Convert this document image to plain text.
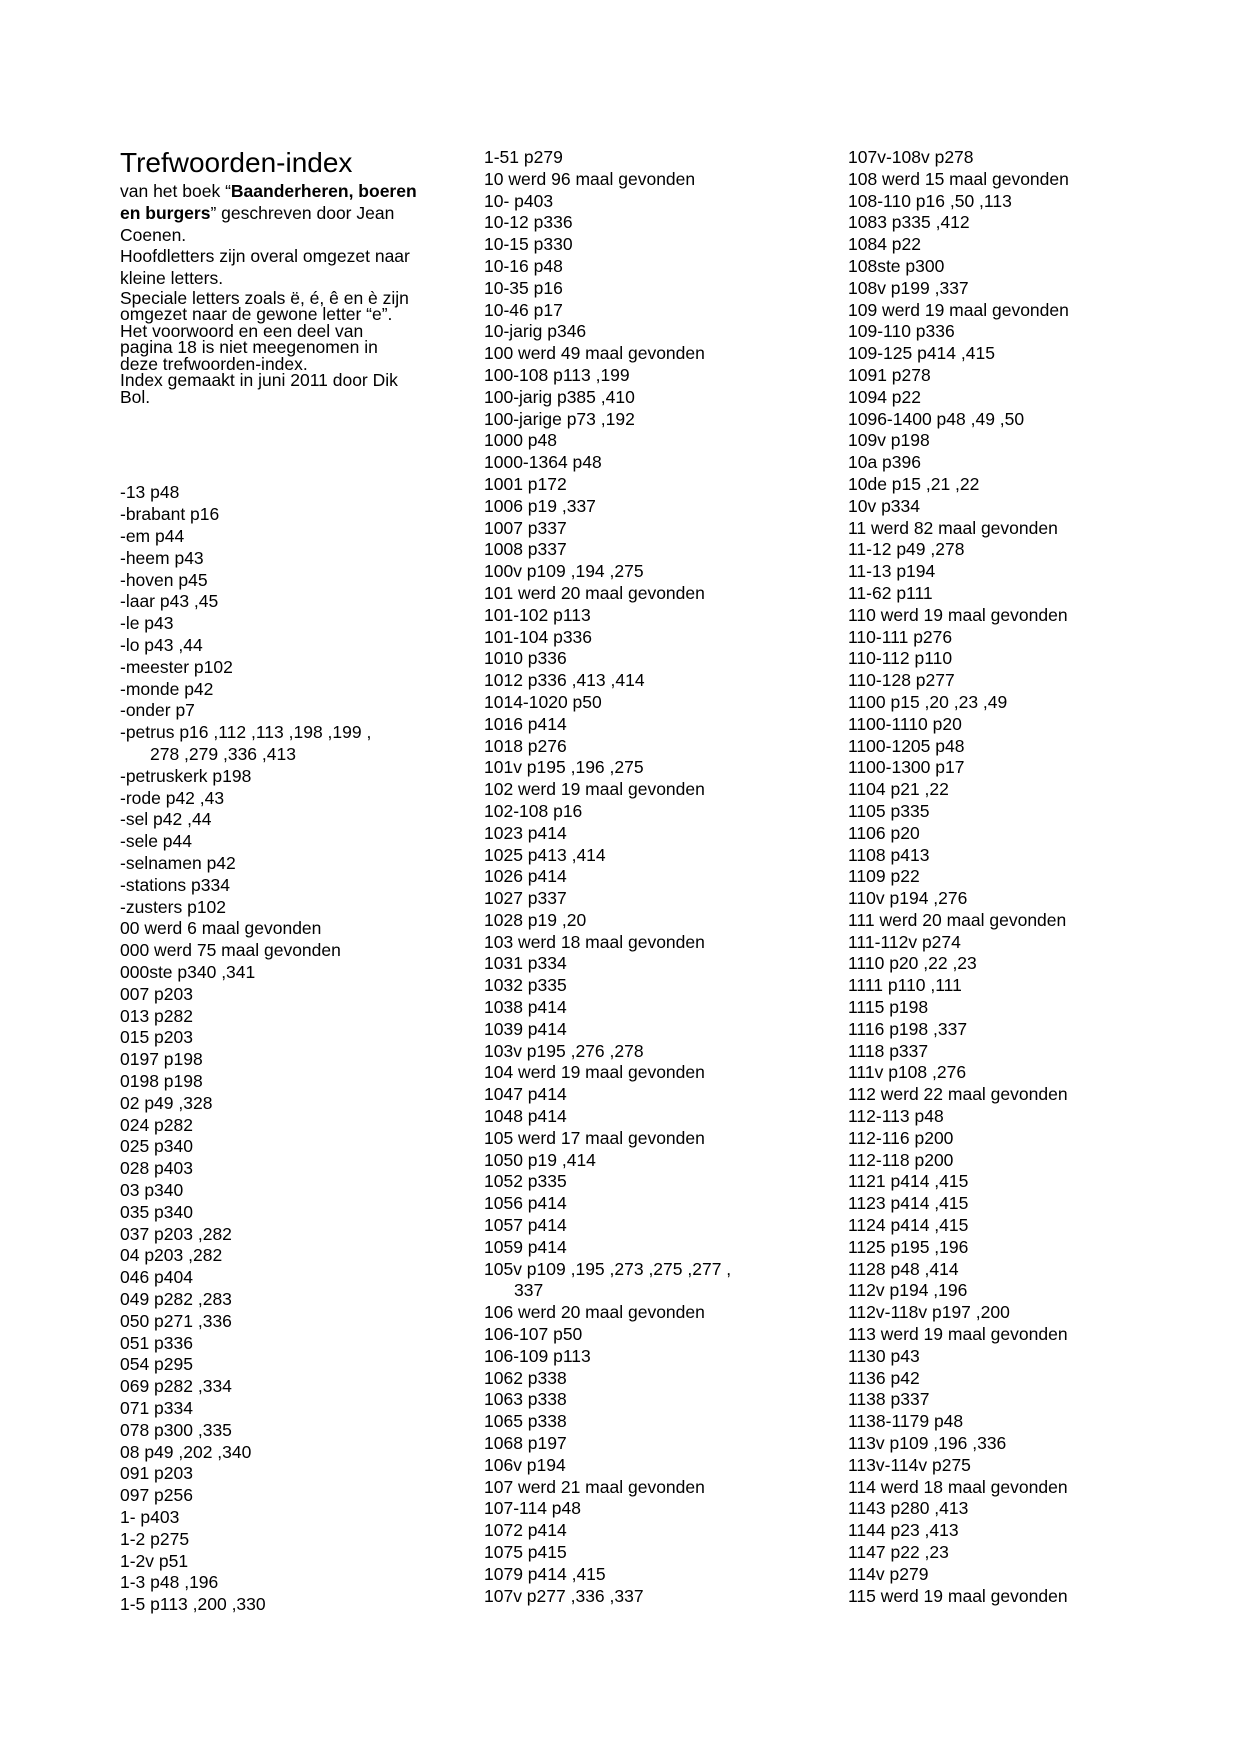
Trefwoorden-index

van het boek “Baanderheren, boeren en burgers” geschreven door Jean Coenen.

Hoofdletters zijn overal omgezet naar kleine letters.

Speciale letters zoals ë, é, ê en è zijn omgezet naar de gewone letter “e”.

Het voorwoord en een deel van pagina 18 is niet meegenomen in deze trefwoorden-index.

Index gemaakt in juni 2011 door Dik Bol.

-13 p48
-brabant p16
-em p44
-heem p43
-hoven p45
-laar p43 ,45
-le p43
-lo p43 ,44
-meester p102
-monde p42
-onder p7
-petrus p16 ,112 ,113 ,198 ,199 ,
278 ,279 ,336 ,413
-petruskerk p198
-rode p42 ,43
-sel p42 ,44
-sele p44
-selnamen p42
-stations p334
-zusters p102
00 werd 6 maal gevonden
000 werd 75 maal gevonden
000ste p340 ,341
007 p203
013 p282
015 p203
0197 p198
0198 p198
02 p49 ,328
024 p282
025 p340
028 p403
03 p340
035 p340
037 p203 ,282
04 p203 ,282
046 p404
049 p282 ,283
050 p271 ,336
051 p336
054 p295
069 p282 ,334
071 p334
078 p300 ,335
08 p49 ,202 ,340
091 p203
097 p256
1- p403
1-2 p275
1-2v p51
1-3 p48 ,196
1-5 p113 ,200 ,330
1-51 p279
10 werd 96 maal gevonden
10- p403
10-12 p336
10-15 p330
10-16 p48
10-35 p16
10-46 p17
10-jarig p346
100 werd 49 maal gevonden
100-108 p113 ,199
100-jarig p385 ,410
100-jarige p73 ,192
1000 p48
1000-1364 p48
1001 p172
1006 p19 ,337
1007 p337
1008 p337
100v p109 ,194 ,275
101 werd 20 maal gevonden
101-102 p113
101-104 p336
1010 p336
1012 p336 ,413 ,414
1014-1020 p50
1016 p414
1018 p276
101v p195 ,196 ,275
102 werd 19 maal gevonden
102-108 p16
1023 p414
1025 p413 ,414
1026 p414
1027 p337
1028 p19 ,20
103 werd 18 maal gevonden
1031 p334
1032 p335
1038 p414
1039 p414
103v p195 ,276 ,278
104 werd 19 maal gevonden
1047 p414
1048 p414
105 werd 17 maal gevonden
1050 p19 ,414
1052 p335
1056 p414
1057 p414
1059 p414
105v p109 ,195 ,273 ,275 ,277 ,
337
106 werd 20 maal gevonden
106-107 p50
106-109 p113
1062 p338
1063 p338
1065 p338
1068 p197
106v p194
107 werd 21 maal gevonden
107-114 p48
1072 p414
1075 p415
1079 p414 ,415
107v p277 ,336 ,337
107v-108v p278
108 werd 15 maal gevonden
108-110 p16 ,50 ,113
1083 p335 ,412
1084 p22
108ste p300
108v p199 ,337
109 werd 19 maal gevonden
109-110 p336
109-125 p414 ,415
1091 p278
1094 p22
1096-1400 p48 ,49 ,50
109v p198
10a p396
10de p15 ,21 ,22
10v p334
11 werd 82 maal gevonden
11-12 p49 ,278
11-13 p194
11-62 p111
110 werd 19 maal gevonden
110-111 p276
110-112 p110
110-128 p277
1100 p15 ,20 ,23 ,49
1100-1110 p20
1100-1205 p48
1100-1300 p17
1104 p21 ,22
1105 p335
1106 p20
1108 p413
1109 p22
110v p194 ,276
111 werd 20 maal gevonden
111-112v p274
1110 p20 ,22 ,23
1111 p110 ,111
1115 p198
1116 p198 ,337
1118 p337
111v p108 ,276
112 werd 22 maal gevonden
112-113 p48
112-116 p200
112-118 p200
1121 p414 ,415
1123 p414 ,415
1124 p414 ,415
1125 p195 ,196
1128 p48 ,414
112v p194 ,196
112v-118v p197 ,200
113 werd 19 maal gevonden
1130 p43
1136 p42
1138 p337
1138-1179 p48
113v p109 ,196 ,336
113v-114v p275
114 werd 18 maal gevonden
1143 p280 ,413
1144 p23 ,413
1147 p22 ,23
114v p279
115 werd 19 maal gevonden
